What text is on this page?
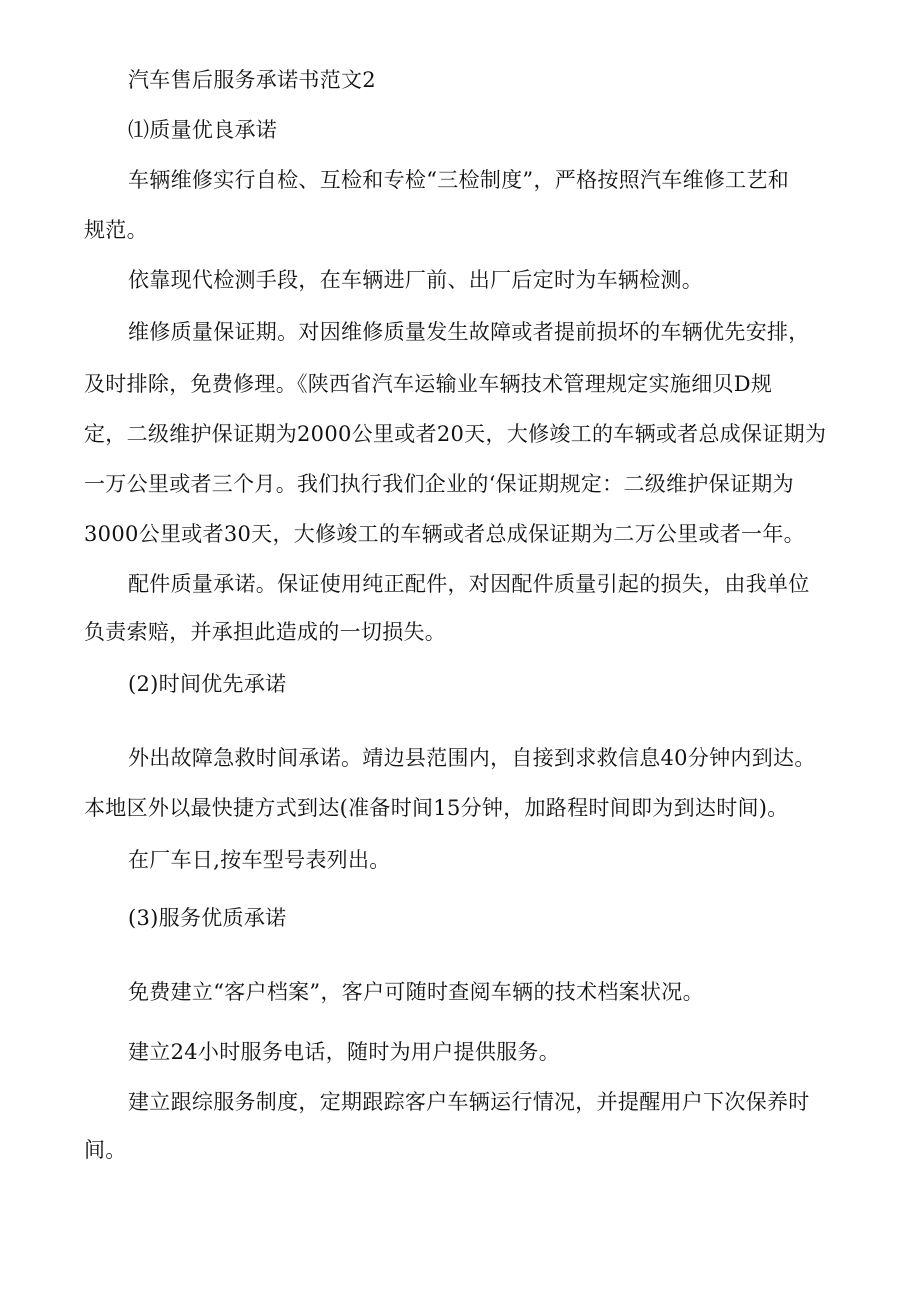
汽车售后服务承诺书范文2
⑴质量优良承诺
车辆维修实行自检、互检和专检“三检制度”，严格按照汽车维修工艺和
规范。
依靠现代检测手段，在车辆进厂前、出厂后定时为车辆检测。
维修质量保证期。对因维修质量发生故障或者提前损坏的车辆优先安排，
及时排除，免费修理。《陕西省汽车运输业车辆技术管理规定实施细贝D规
定，二级维护保证期为2000公里或者20天，大修竣工的车辆或者总成保证期为
一万公里或者三个月。我们执行我们企业的‘保证期规定：二级维护保证期为
3000公里或者30天，大修竣工的车辆或者总成保证期为二万公里或者一年。
配件质量承诺。保证使用纯正配件，对因配件质量引起的损失，由我单位
负责索赔，并承担此造成的一切损失。
(2)时间优先承诺
外出故障急救时间承诺。靖边县范围内，自接到求救信息40分钟内到达。
本地区外以最快捷方式到达(准备时间15分钟，加路程时间即为到达时间)。
在厂车日,按车型号表列出。
(3)服务优质承诺
免费建立“客户档案”，客户可随时查阅车辆的技术档案状况。
建立24小时服务电话，随时为用户提供服务。
建立跟综服务制度，定期跟踪客户车辆运行情况，并提醒用户下次保养时
间。
